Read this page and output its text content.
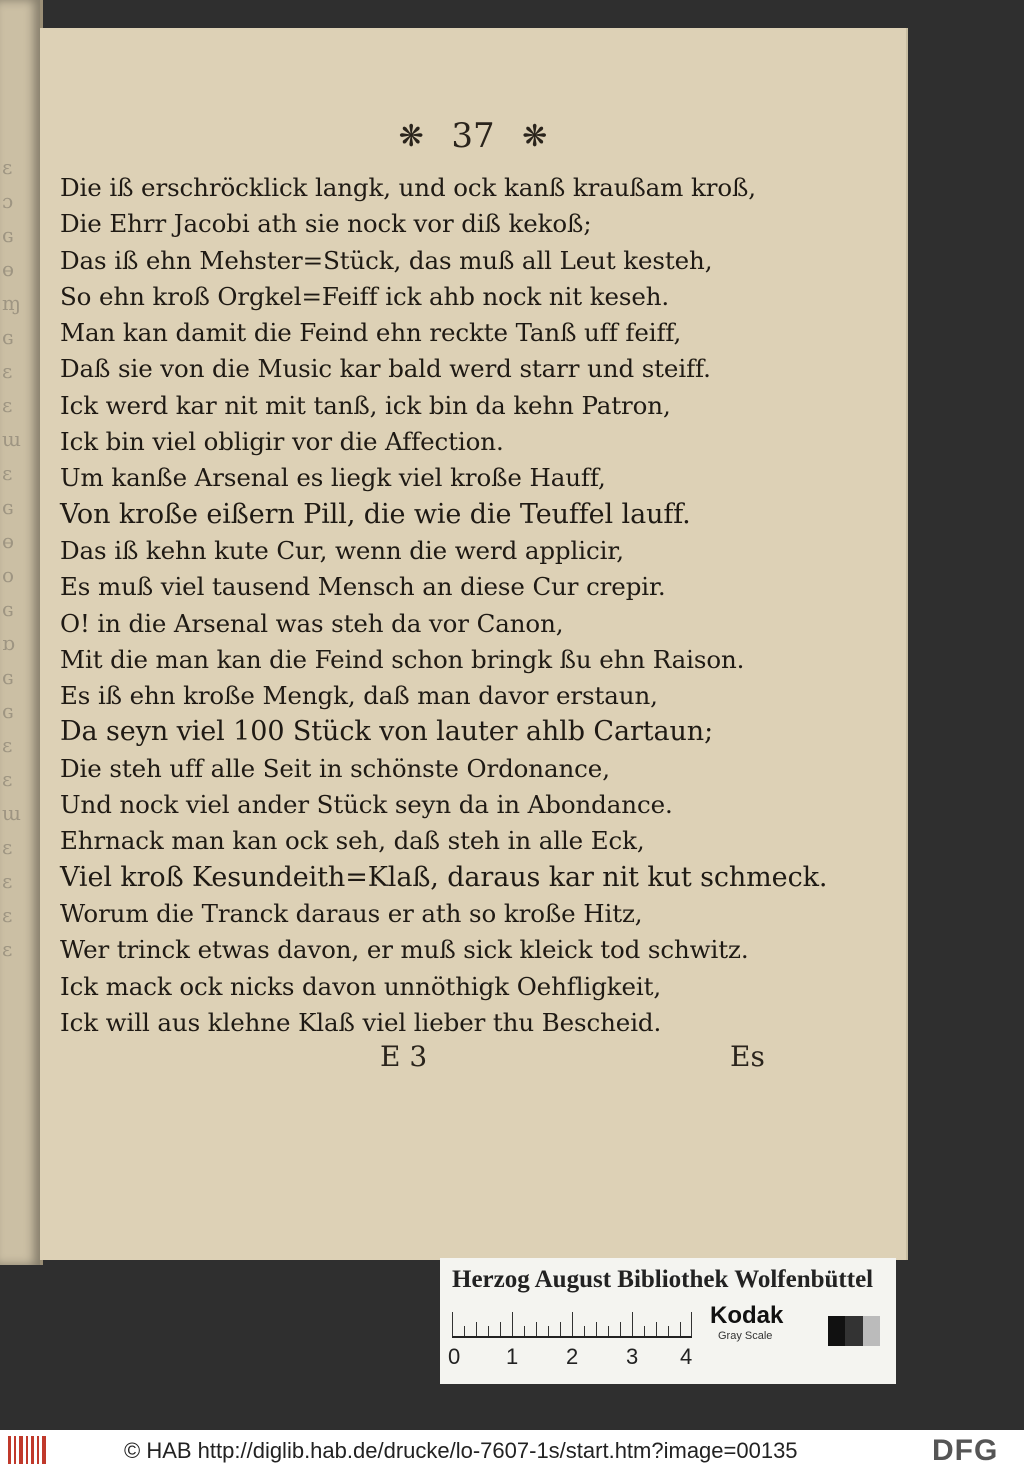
ɛ
ɔ
ɢ
ɵ
ɱ
ɢ
ɛ
ɛ
ɯ
ɛ
ɢ
ɵ
o
ɢ
ɒ
ɢ
ɢ
ɛ
ɛ
ɯ
ɛ
ɛ
ɛ
ɛ
❋ 37 ❋
Die iß erschröcklick langk, und ock kanß kraußam kroß,
Die Ehrr Jacobi ath sie nock vor diß kekoß;
Das iß ehn Mehster=Stück, das muß all Leut kesteh,
So ehn kroß Orgkel=Feiff ick ahb nock nit keseh.
Man kan damit die Feind ehn reckte Tanß uff feiff,
Daß sie von die Music kar bald werd starr und steiff.
Ick werd kar nit mit tanß, ick bin da kehn Patron,
Ick bin viel obligir vor die Affection.
Um kanße Arsenal es liegk viel kroße Hauff,
Von kroße eißern Pill, die wie die Teuffel lauff.
Das iß kehn kute Cur, wenn die werd applicir,
Es muß viel tausend Mensch an diese Cur crepir.
O! in die Arsenal was steh da vor Canon,
Mit die man kan die Feind schon bringk ßu ehn Raison.
Es iß ehn kroße Mengk, daß man davor erstaun,
Da seyn viel 100 Stück von lauter ahlb Cartaun;
Die steh uff alle Seit in schönste Ordonance,
Und nock viel ander Stück seyn da in Abondance.
Ehrnack man kan ock seh, daß steh in alle Eck,
Viel kroß Kesundeith=Klaß, daraus kar nit kut schmeck.
Worum die Tranck daraus er ath so kroße Hitz,
Wer trinck etwas davon, er muß sick kleick tod schwitz.
Ick mack ock nicks davon unnöthigk Oehfligkeit,
Ick will aus klehne Klaß viel lieber thu Bescheid.
E 3	Es
Herzog August Bibliothek Wolfenbüttel
0 1 2 3 4
Kodak
Gray Scale
© HAB http://diglib.hab.de/drucke/lo-7607-1s/start.htm?image=00135	DFG
